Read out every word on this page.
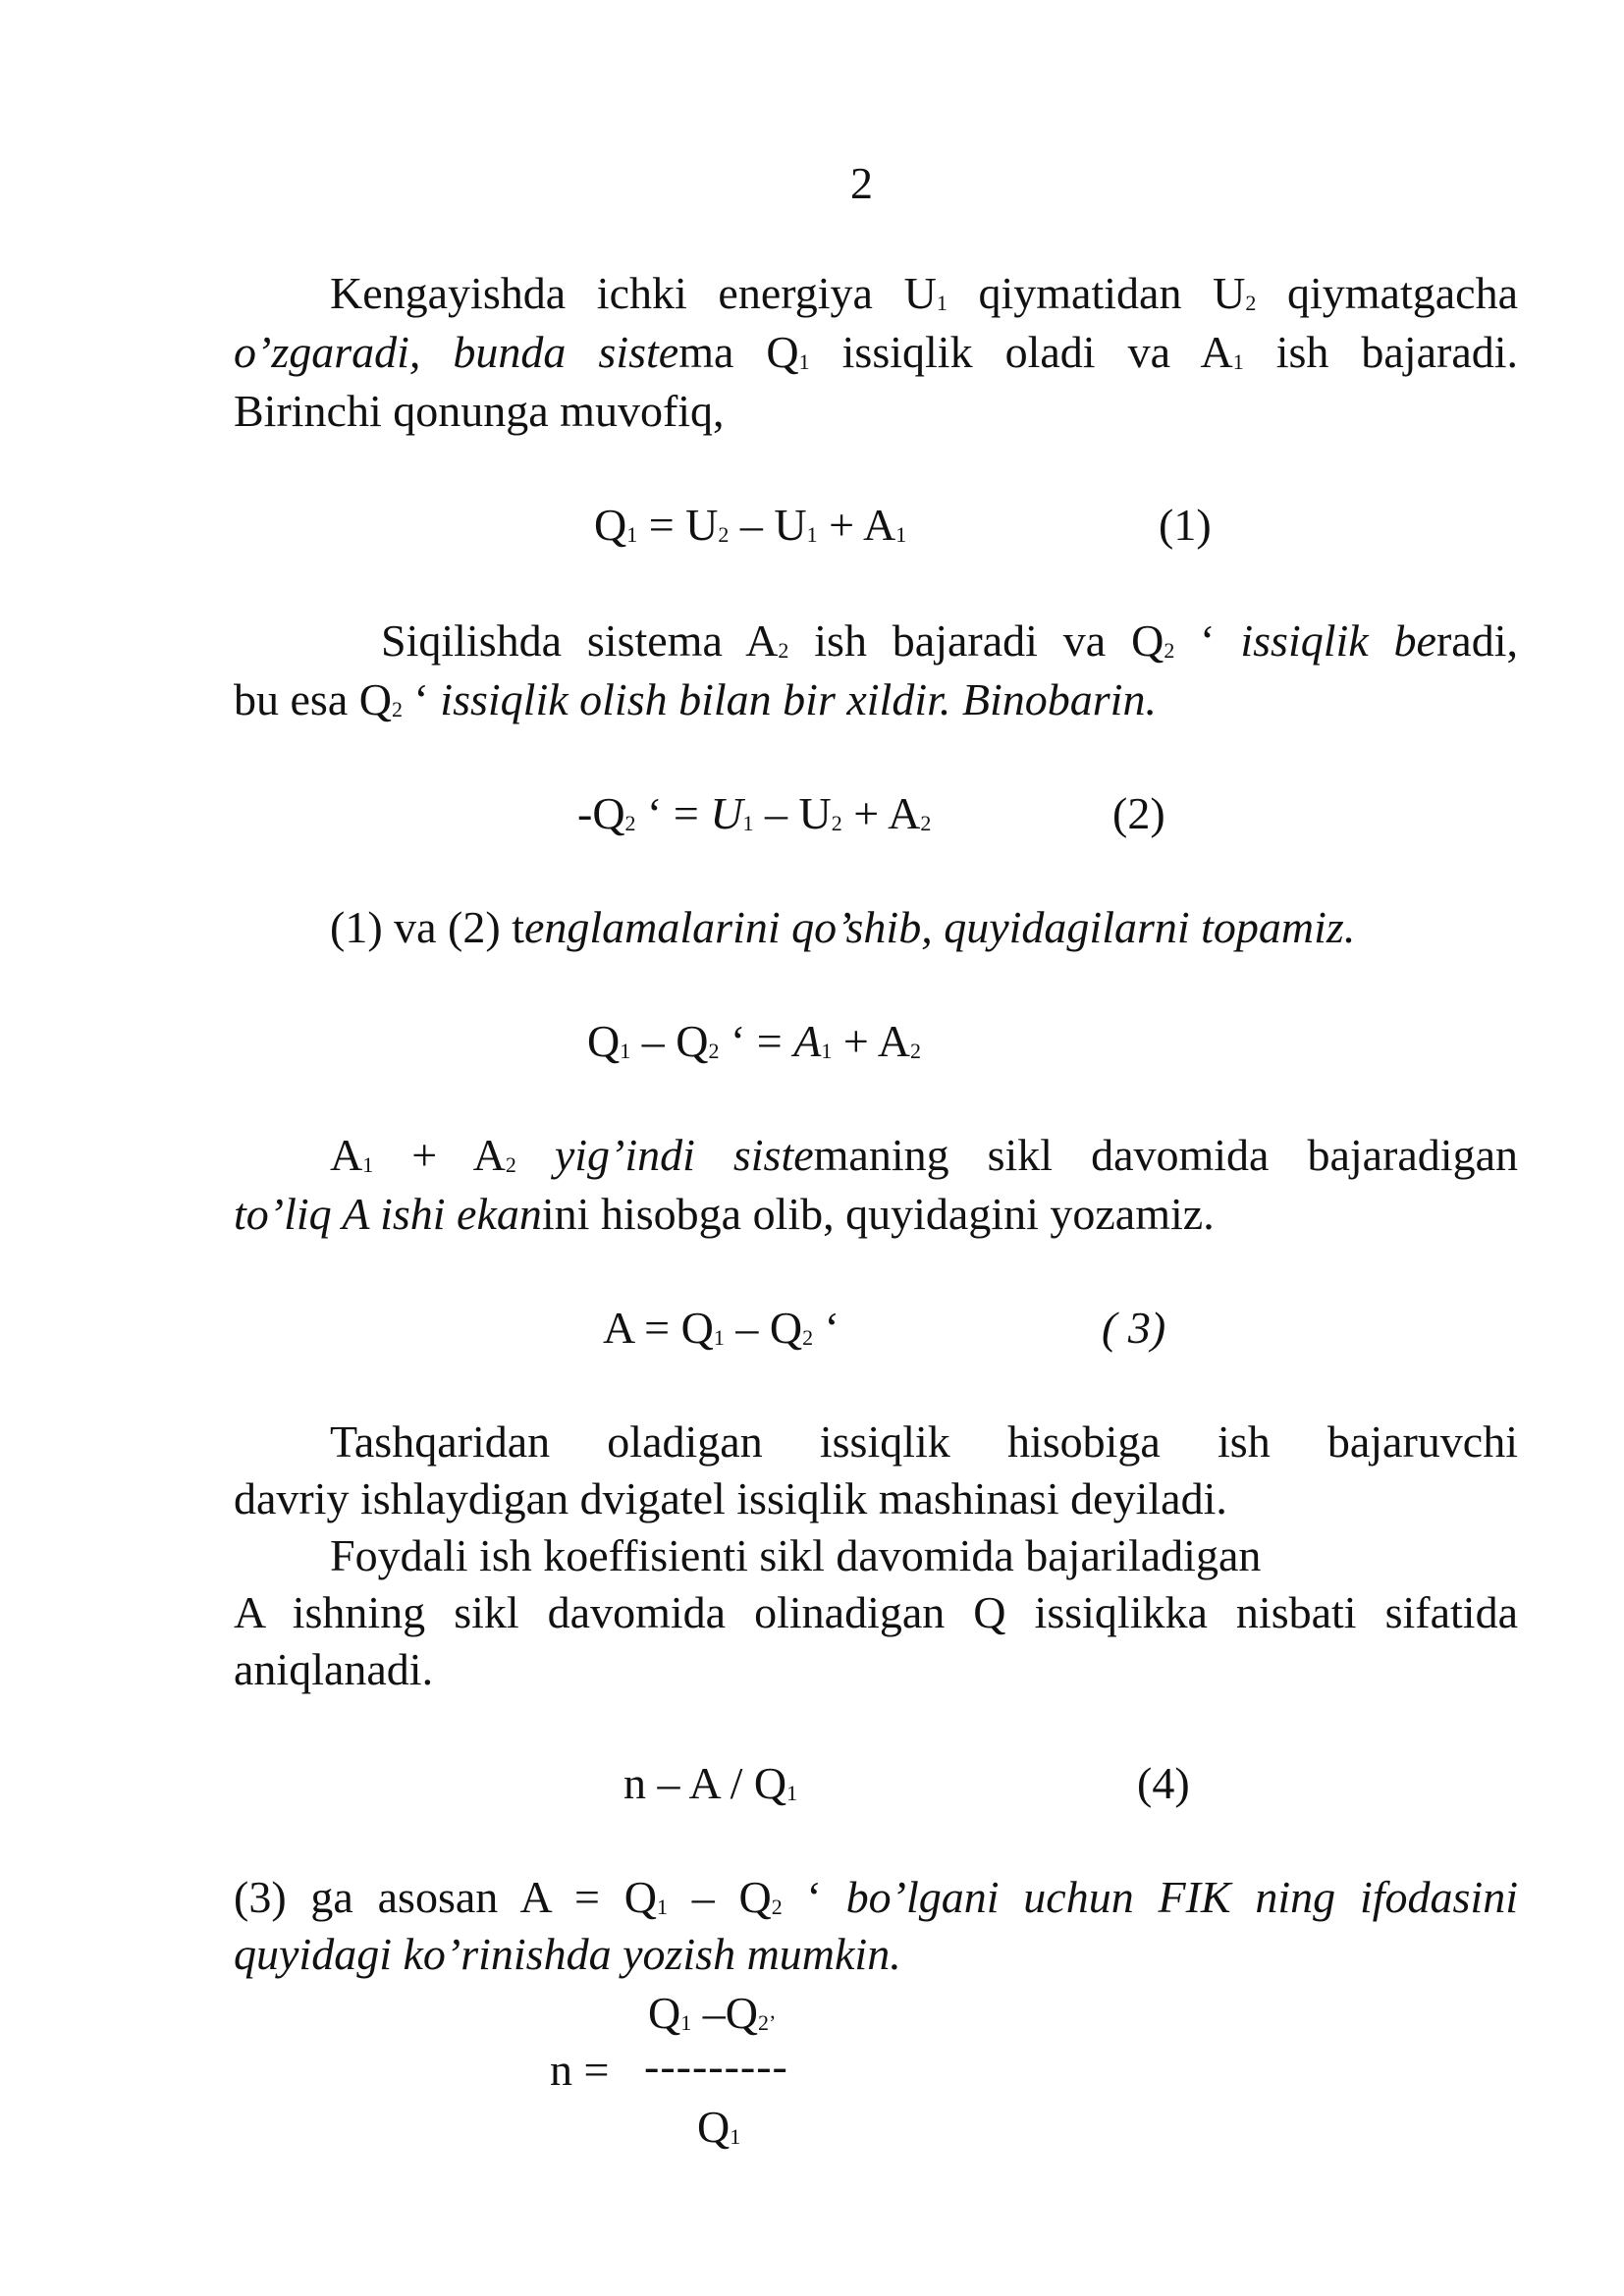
2
Kengayishda ichki energiya $U_1$ qiymatidan $U_2$ qiymatgacha
o’zgaradi, bunda sistema $Q_1$ issiqlik oladi va $A_1$ ish bajaradi.
Birinchi qonunga muvofiq,
$Q_1 = U_2 - U_1 + A_1$	(1)
Siqilishda sistema $A_2$ ish bajaradi va $Q_2$ ‘ issiqlik beradi,
bu esa $Q_2$ ‘ issiqlik olish bilan bir xildir. Binobarin.
$-Q_2$ ‘ = $U_1 - U_2 + A_2$	(2)
(1) va (2) tenglamalarini qo’shib, quyidagilarni topamiz.
$Q_1 - Q_2$ ‘ = $A_1 + A_2$
$A_1 + A_2$ yig’indi sistemaning sikl davomida bajaradigan
to’liq A ishi ekanini hisobga olib, quyidagini yozamiz.
$A = Q_1 - Q_2$ ‘	( 3)
Tashqaridan oladigan issiqlik hisobiga ish bajaruvchi
davriy ishlaydigan dvigatel issiqlik mashinasi deyiladi.
Foydali ish koeffisienti sikl davomida bajariladigan
A ishning sikl davomida olinadigan Q issiqlikka nisbati sifatida
aniqlanadi.
n – A / $Q_1$	(4)
(3) ga asosan $A = Q_1 - Q_2$ ‘ bo’lgani uchun FIK ning ifodasini
quyidagi ko’rinishda yozish mumkin.
$Q_1$ $-Q_{2’}$
n = ---------
$Q_1$
